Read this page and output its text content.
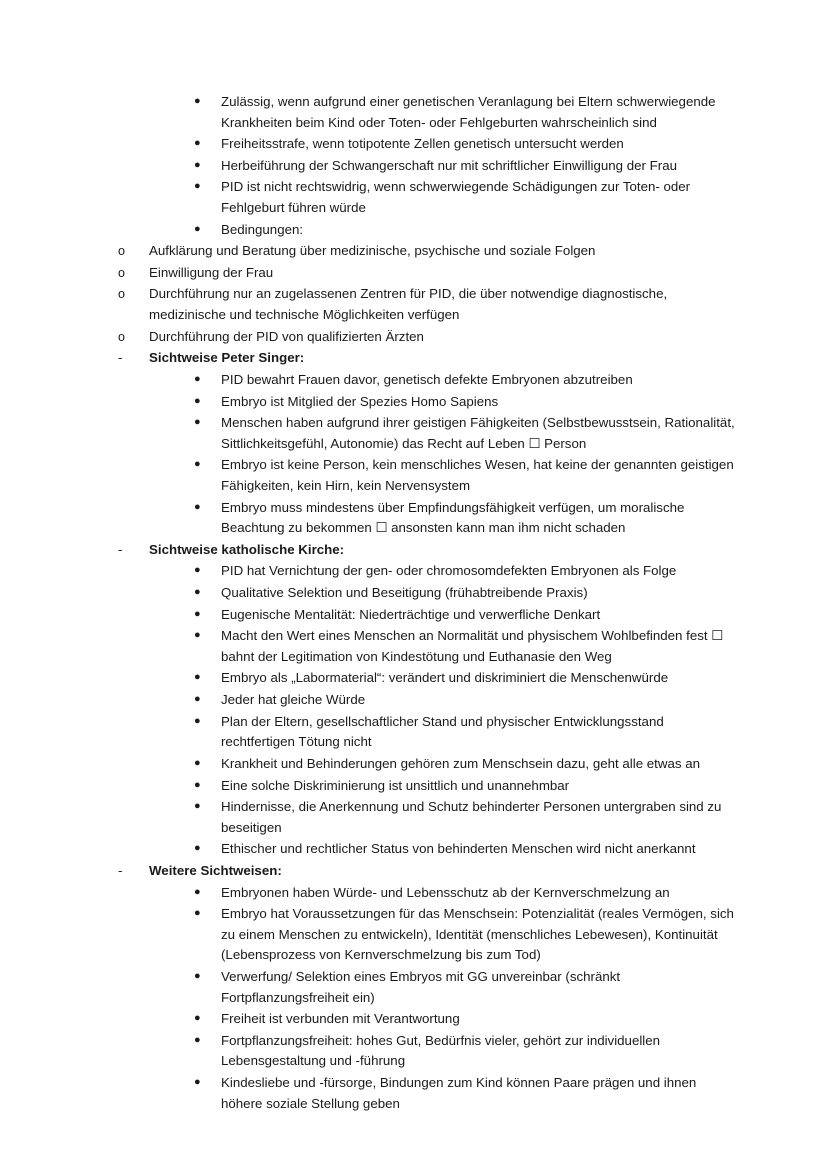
●	Zulässig, wenn aufgrund einer genetischen Veranlagung bei Eltern schwerwiegende Krankheiten beim Kind oder Toten- oder Fehlgeburten wahrscheinlich sind
●	Freiheitsstrafe, wenn totipotente Zellen genetisch untersucht werden
●	Herbeiführung der Schwangerschaft nur mit schriftlicher Einwilligung der Frau
●	PID ist nicht rechtswidrig, wenn schwerwiegende Schädigungen zur Toten- oder Fehlgeburt führen würde
●	Bedingungen:
o	Aufklärung und Beratung über medizinische, psychische und soziale Folgen
o	Einwilligung der Frau
o	Durchführung nur an zugelassenen Zentren für PID, die über notwendige diagnostische, medizinische und technische Möglichkeiten verfügen
o	Durchführung der PID von qualifizierten Ärzten
-	Sichtweise Peter Singer:
●	PID bewahrt Frauen davor, genetisch defekte Embryonen abzutreiben
●	Embryo ist Mitglied der Spezies Homo Sapiens
●	Menschen haben aufgrund ihrer geistigen Fähigkeiten (Selbstbewusstsein, Rationalität, Sittlichkeitsgefühl, Autonomie) das Recht auf Leben ☐ Person
●	Embryo ist keine Person, kein menschliches Wesen, hat keine der genannten geistigen Fähigkeiten, kein Hirn, kein Nervensystem
●	Embryo muss mindestens über Empfindungsfähigkeit verfügen, um moralische Beachtung zu bekommen ☐ ansonsten kann man ihm nicht schaden
-	Sichtweise katholische Kirche:
●	PID hat Vernichtung der gen- oder chromosomdefekten Embryonen als Folge
●	Qualitative Selektion und Beseitigung (frühabtreibende Praxis)
●	Eugenische Mentalität: Niederträchtige und verwerfliche Denkart
●	Macht den Wert eines Menschen an Normalität und physischem Wohlbefinden fest ☐ bahnt der Legitimation von Kindestötung und Euthanasie den Weg
●	Embryo als „Labormaterial“: verändert und diskriminiert die Menschenwürde
●	Jeder hat gleiche Würde
●	Plan der Eltern, gesellschaftlicher Stand und physischer Entwicklungsstand rechtfertigen Tötung nicht
●	Krankheit und Behinderungen gehören zum Menschsein dazu, geht alle etwas an
●	Eine solche Diskriminierung ist unsittlich und unannehmbar
●	Hindernisse, die Anerkennung und Schutz behinderter Personen untergraben sind zu beseitigen
●	Ethischer und rechtlicher Status von behinderten Menschen wird nicht anerkannt
-	Weitere Sichtweisen:
●	Embryonen haben Würde- und Lebensschutz ab der Kernverschmelzung an
●	Embryo hat Voraussetzungen für das Menschsein: Potenzialität (reales Vermögen, sich zu einem Menschen zu entwickeln), Identität (menschliches Lebewesen), Kontinuität (Lebensprozess von Kernverschmelzung bis zum Tod)
●	Verwerfung/ Selektion eines Embryos mit GG unvereinbar (schränkt Fortpflanzungsfreiheit ein)
●	Freiheit ist verbunden mit Verantwortung
●	Fortpflanzungsfreiheit: hohes Gut, Bedürfnis vieler, gehört zur individuellen Lebensgestaltung und -führung
●	Kindesliebe und -fürsorge, Bindungen zum Kind können Paare prägen und ihnen höhere soziale Stellung geben
